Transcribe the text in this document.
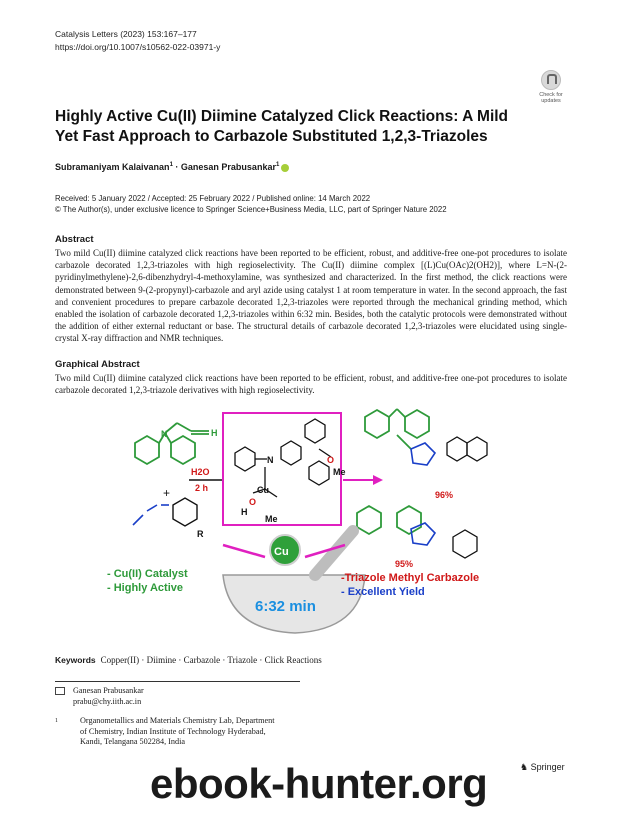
Catalysis Letters (2023) 153:167–177
https://doi.org/10.1007/s10562-022-03971-y
Check for
updates
Highly Active Cu(II) Diimine Catalyzed Click Reactions: A Mild Yet Fast Approach to Carbazole Substituted 1,2,3‑Triazoles
Subramaniyam Kalaivanan$^1$ · Ganesan Prabusankar$^1$
Received: 5 January 2022 / Accepted: 25 February 2022 / Published online: 14 March 2022
© The Author(s), under exclusive licence to Springer Science+Business Media, LLC, part of Springer Nature 2022
Abstract
Two mild Cu(II) diimine catalyzed click reactions have been reported to be efficient, robust, and additive-free one-pot procedures to isolate carbazole decorated 1,2,3-triazoles with high regioselectivity. The Cu(II) diimine complex [(L)Cu(OAc)2(OH2)], where L=N-(2-pyridinylmethylene)-2,6-dibenzhydryl-4-methoxylamine, was synthesized and characterized. In the first method, the click reactions were demonstrated between 9-(2-propynyl)-carbazole and aryl azide using catalyst 1 at room temperature in water. In the second approach, the fast and convenient procedures to prepare carbazole decorated 1,2,3-triazoles were reported through the mechanical grinding method, which enabled the isolation of carbazole decorated 1,2,3-triazoles within 6:32 min. Besides, both the catalytic protocols were demonstrated without the addition of either external reductant or base. The structural details of carbazole decorated 1,2,3-triazoles were elucidated using single-crystal X-ray diffraction and NMR techniques.
Graphical Abstract
Two mild Cu(II) diimine catalyzed click reactions have been reported to be efficient, robust, and additive-free one-pot procedures to isolate carbazole decorated 1,2,3-triazole derivatives with high regioselectivity.
N	H
H2O
2 h
+
R
N
Cu
O
Me
O
H
Me
96%
95%
Cu
6:32 min
- Cu(II) Catalyst
- Highly Active
-Triazole Methyl Carbazole
- Excellent Yield
Keywords Copper(II) · Diimine · Carbazole · Triazole · Click Reactions
Ganesan Prabusankar
prabu@chy.iith.ac.in
1	Organometallics and Materials Chemistry Lab, Department
of Chemistry, Indian Institute of Technology Hyderabad,
Kandi, Telangana 502284, India
♞ Springer
ebook-hunter.org
